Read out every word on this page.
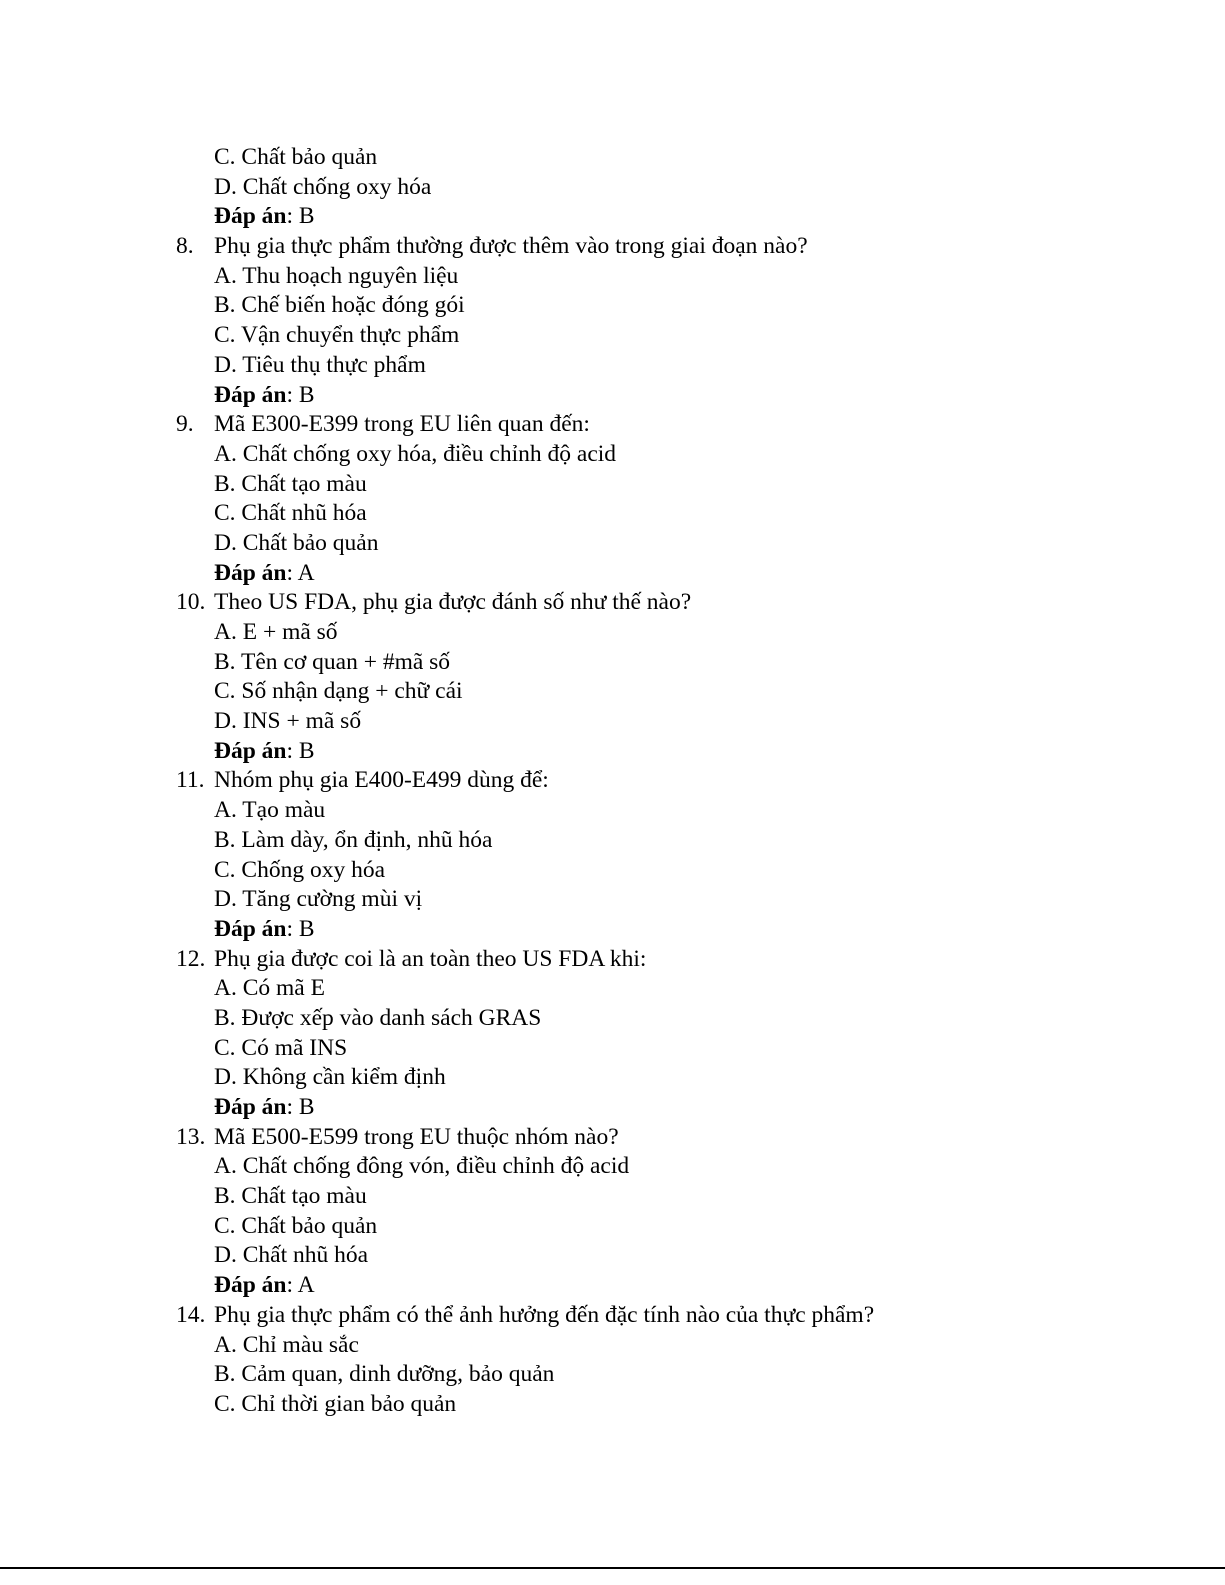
C. Chất bảo quản
D. Chất chống oxy hóa
Đáp án: B
8. Phụ gia thực phẩm thường được thêm vào trong giai đoạn nào?
A. Thu hoạch nguyên liệu
B. Chế biến hoặc đóng gói
C. Vận chuyển thực phẩm
D. Tiêu thụ thực phẩm
Đáp án: B
9. Mã E300-E399 trong EU liên quan đến:
A. Chất chống oxy hóa, điều chỉnh độ acid
B. Chất tạo màu
C. Chất nhũ hóa
D. Chất bảo quản
Đáp án: A
10. Theo US FDA, phụ gia được đánh số như thế nào?
A. E + mã số
B. Tên cơ quan + #mã số
C. Số nhận dạng + chữ cái
D. INS + mã số
Đáp án: B
11. Nhóm phụ gia E400-E499 dùng để:
A. Tạo màu
B. Làm dày, ổn định, nhũ hóa
C. Chống oxy hóa
D. Tăng cường mùi vị
Đáp án: B
12. Phụ gia được coi là an toàn theo US FDA khi:
A. Có mã E
B. Được xếp vào danh sách GRAS
C. Có mã INS
D. Không cần kiểm định
Đáp án: B
13. Mã E500-E599 trong EU thuộc nhóm nào?
A. Chất chống đông vón, điều chỉnh độ acid
B. Chất tạo màu
C. Chất bảo quản
D. Chất nhũ hóa
Đáp án: A
14. Phụ gia thực phẩm có thể ảnh hưởng đến đặc tính nào của thực phẩm?
A. Chỉ màu sắc
B. Cảm quan, dinh dưỡng, bảo quản
C. Chỉ thời gian bảo quản
